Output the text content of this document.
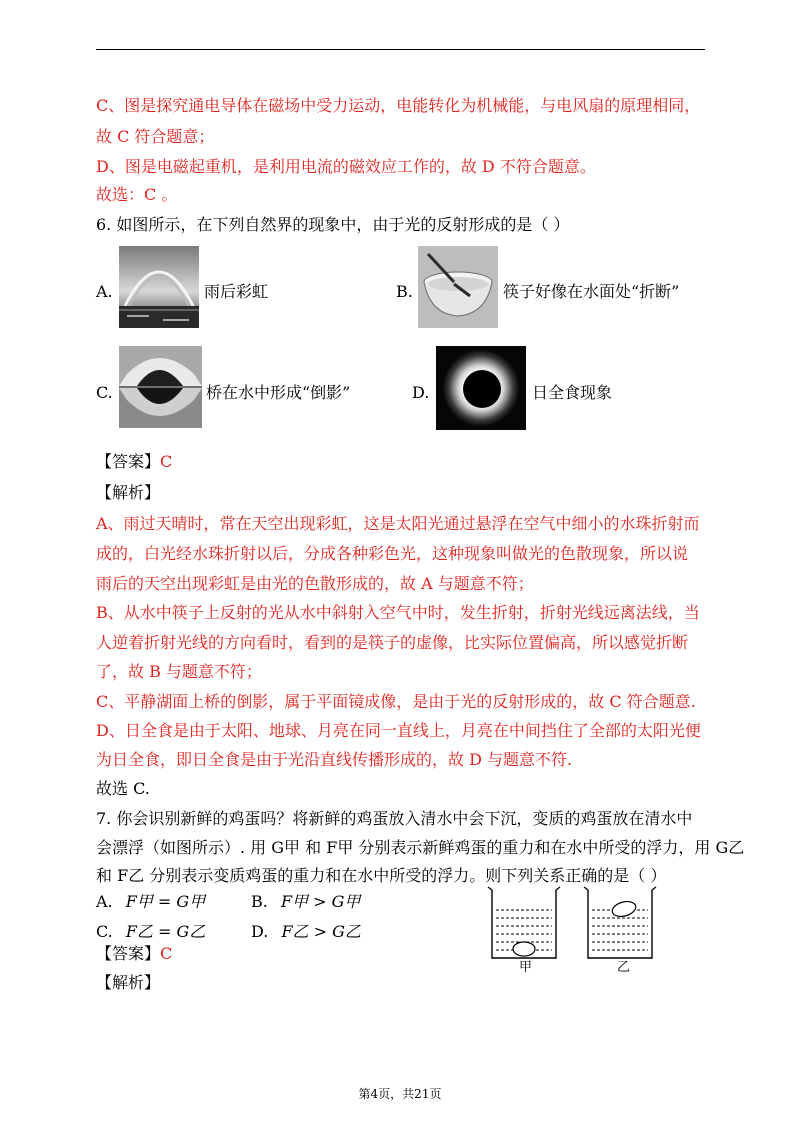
C、图是探究通电导体在磁场中受力运动，电能转化为机械能，与电风扇的原理相同，
故 C 符合题意；
D、图是电磁起重机，是利用电流的磁效应工作的，故 D 不符合题意。
故选：C 。
6. 如图所示，在下列自然界的现象中，由于光的反射形成的是（ ）
A.	雨后彩虹	B.	筷子好像在水面处“折断”
C.	桥在水中形成“倒影”	D.	日全食现象
【答案】C
【解析】
A、雨过天晴时，常在天空出现彩虹，这是太阳光通过悬浮在空气中细小的水珠折射而
成的，白光经水珠折射以后，分成各种彩色光，这种现象叫做光的色散现象，所以说
雨后的天空出现彩虹是由光的色散形成的，故 A 与题意不符；
B、从水中筷子上反射的光从水中斜射入空气中时，发生折射，折射光线远离法线，当
人逆着折射光线的方向看时，看到的是筷子的虚像，比实际位置偏高，所以感觉折断
了，故 B 与题意不符；
C、平静湖面上桥的倒影，属于平面镜成像，是由于光的反射形成的，故 C 符合题意.
D、日全食是由于太阳、地球、月亮在同一直线上，月亮在中间挡住了全部的太阳光便
为日全食，即日全食是由于光沿直线传播形成的，故 D 与题意不符.
故选 C.
7. 你会识别新鲜的鸡蛋吗？将新鲜的鸡蛋放入清水中会下沉，变质的鸡蛋放在清水中
会漂浮（如图所示）. 用 G甲 和 F甲 分别表示新鲜鸡蛋的重力和在水中所受的浮力，用 G乙
和 F乙 分别表示变质鸡蛋的重力和在水中所受的浮力。则下列关系正确的是（ ）
A. F甲 = G甲	B. F甲 > G甲
C. F乙 = G乙	D. F乙 > G乙
甲	乙
【答案】C
【解析】
第4页，共21页
